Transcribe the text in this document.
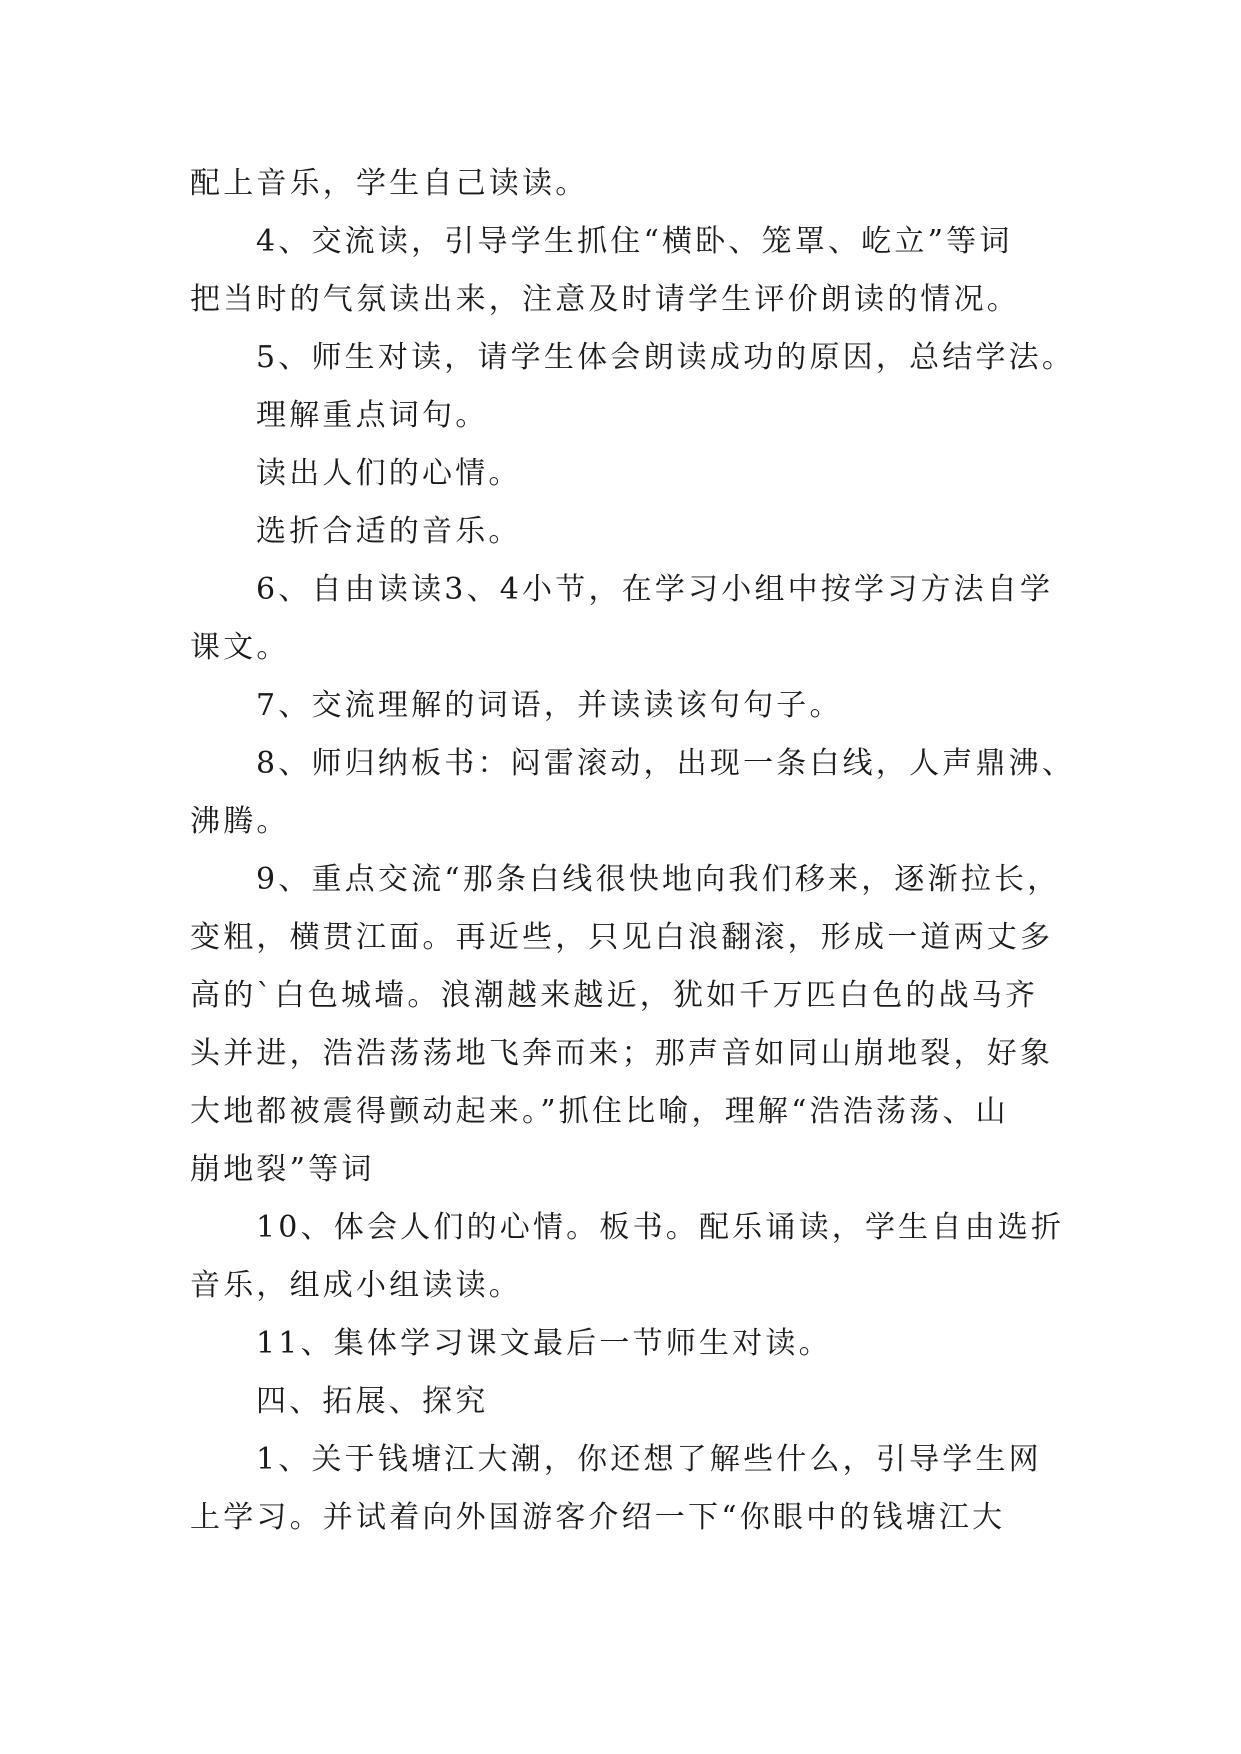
配上音乐，学生自己读读。

4、交流读，引导学生抓住“横卧、笼罩、屹立”等词

把当时的气氛读出来，注意及时请学生评价朗读的情况。

5、师生对读，请学生体会朗读成功的原因，总结学法。

理解重点词句。

读出人们的心情。

选折合适的音乐。

6、自由读读3、4小节，在学习小组中按学习方法自学

课文。

7、交流理解的词语，并读读该句句子。

8、师归纳板书：闷雷滚动，出现一条白线，人声鼎沸、

沸腾。

9、重点交流“那条白线很快地向我们移来，逐渐拉长，

变粗，横贯江面。再近些，只见白浪翻滚，形成一道两丈多

高的`白色城墙。浪潮越来越近，犹如千万匹白色的战马齐

头并进，浩浩荡荡地飞奔而来；那声音如同山崩地裂，好象

大地都被震得颤动起来。”抓住比喻，理解“浩浩荡荡、山

崩地裂”等词

10、体会人们的心情。板书。配乐诵读，学生自由选折

音乐，组成小组读读。

11、集体学习课文最后一节师生对读。

四、拓展、探究

1、关于钱塘江大潮，你还想了解些什么，引导学生网

上学习。并试着向外国游客介绍一下“你眼中的钱塘江大
